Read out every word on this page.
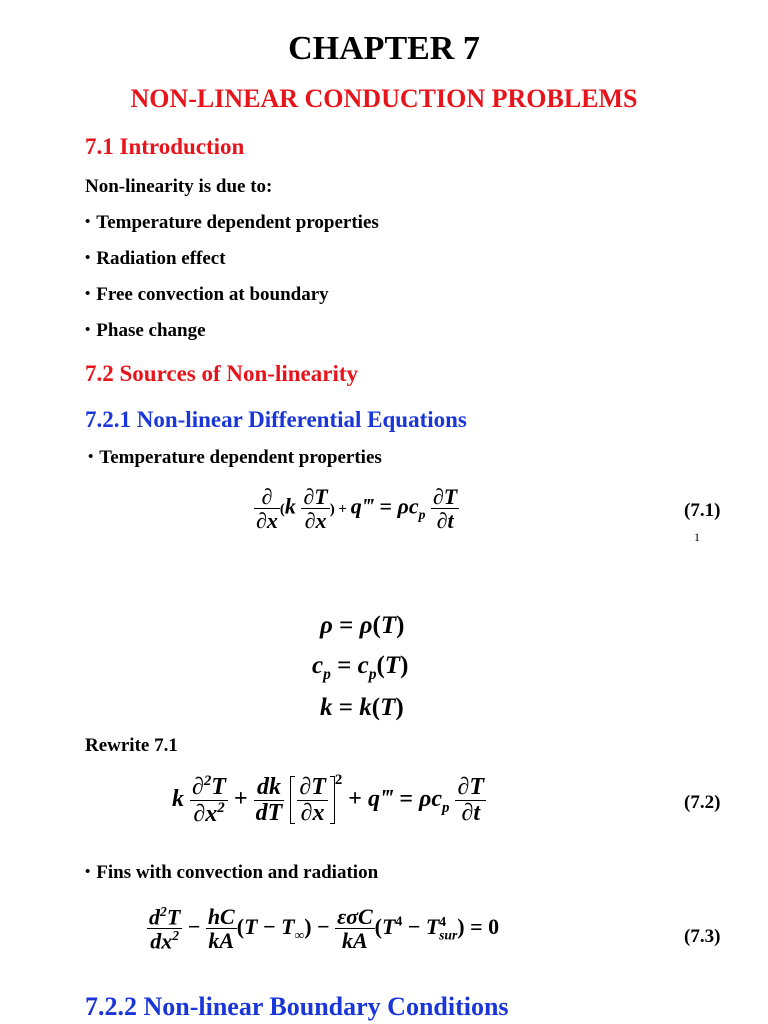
CHAPTER 7
NON-LINEAR CONDUCTION PROBLEMS
7.1 Introduction
Non-linearity is due to:
• Temperature dependent properties
• Radiation effect
• Free convection at boundary
• Phase change
7.2 Sources of Non-linearity
7.2.1 Non-linear Differential Equations
• Temperature dependent properties
$\frac{\partial}{\partial x} (k \frac{\partial T}{\partial x}$ ) + q‴ = $\rho c_p \frac{\partial T}{\partial t}$	(7.1)
1
ρ = ρ(T)
$c_p = c_p(T)$
k = k(T)
Rewrite 7.1
k $\frac{\partial^2T}{\partial x^2} + \frac{dk}{dT}$
$\frac{\partial T}{\partial x} ^2$ + q‴ = $\rho c_p \frac{\partial T}{\partial t}$	(7.2)
• Fins with convection and radiation
$\frac{d^2T}{dx^2} - \frac{hC}{kA} (T - T_\infty) - \frac{\text{εσC}}{kA} (T^4 - T^4_{sur}) = 0$	(7.3)
7.2.2 Non-linear Boundary Conditions
